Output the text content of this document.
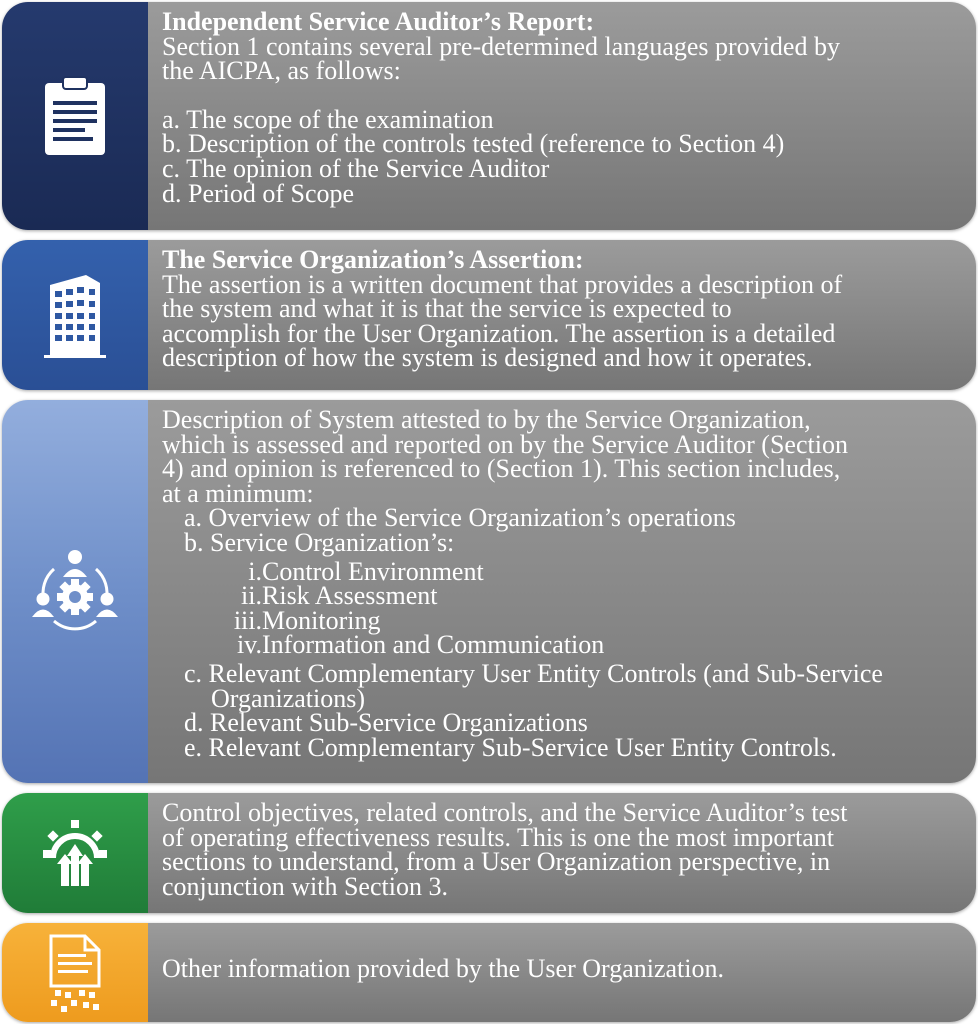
Independent Service Auditor’s Report:

Section 1 contains several pre-determined languages provided by

the AICPA, as follows:

a. The scope of the examination

b. Description of the controls tested (reference to Section 4)

c. The opinion of the Service Auditor

d. Period of Scope

The Service Organization’s Assertion:

The assertion is a written document that provides a description of

the system and what it is that the service is expected to

accomplish for the User Organization. The assertion is a detailed

description of how the system is designed and how it operates.

Description of System attested to by the Service Organization,

which is assessed and reported on by the Service Auditor (Section

4) and opinion is referenced to (Section 1). This section includes,

at a minimum:

a. Overview of the Service Organization’s operations

b. Service Organization’s:

i. Control Environment

ii. Risk Assessment

iii. Monitoring

iv. Information and Communication

c. Relevant Complementary User Entity Controls (and Sub-Service

Organizations)

d. Relevant Sub-Service Organizations

e. Relevant Complementary Sub-Service User Entity Controls.

Control objectives, related controls, and the Service Auditor’s test

of operating effectiveness results. This is one the most important

sections to understand, from a User Organization perspective, in

conjunction with Section 3.

Other information provided by the User Organization.
